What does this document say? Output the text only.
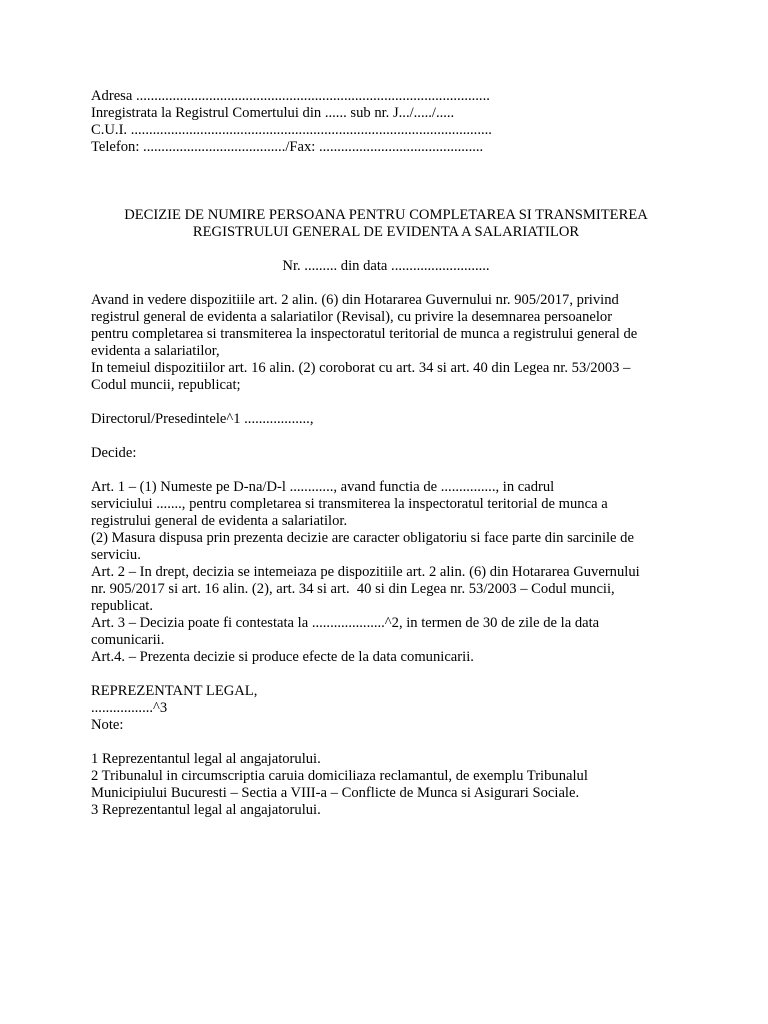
Adresa .................................................................................................
Inregistrata la Registrul Comertului din ...... sub nr. J.../...../.....
C.U.I. ...................................................................................................
Telefon: ......................................./Fax: .............................................
DECIZIE DE NUMIRE PERSOANA PENTRU COMPLETAREA SI TRANSMITEREA
REGISTRULUI GENERAL DE EVIDENTA A SALARIATILOR
Nr. ......... din data ...........................
Avand in vedere dispozitiile art. 2 alin. (6) din Hotararea Guvernului nr. 905/2017, privind
registrul general de evidenta a salariatilor (Revisal), cu privire la desemnarea persoanelor
pentru completarea si transmiterea la inspectoratul teritorial de munca a registrului general de
evidenta a salariatilor,
In temeiul dispozitiilor art. 16 alin. (2) coroborat cu art. 34 si art. 40 din Legea nr. 53/2003 –
Codul muncii, republicat;
Directorul/Presedintele^1 ..................,
Decide:
Art. 1 – (1) Numeste pe D-na/D-l ............, avand functia de ..............., in cadrul
serviciului ......., pentru completarea si transmiterea la inspectoratul teritorial de munca a
registrului general de evidenta a salariatilor.
(2) Masura dispusa prin prezenta decizie are caracter obligatoriu si face parte din sarcinile de
serviciu.
Art. 2 – In drept, decizia se intemeiaza pe dispozitiile art. 2 alin. (6) din Hotararea Guvernului
nr. 905/2017 si art. 16 alin. (2), art. 34 si art.  40 si din Legea nr. 53/2003 – Codul muncii,
republicat.
Art. 3 – Decizia poate fi contestata la ....................^2, in termen de 30 de zile de la data
comunicarii.
Art.4. – Prezenta decizie si produce efecte de la data comunicarii.
REPREZENTANT LEGAL,
.................^3
Note:
1 Reprezentantul legal al angajatorului.
2 Tribunalul in circumscriptia caruia domiciliaza reclamantul, de exemplu Tribunalul
Municipiului Bucuresti – Sectia a VIII-a – Conflicte de Munca si Asigurari Sociale.
3 Reprezentantul legal al angajatorului.
